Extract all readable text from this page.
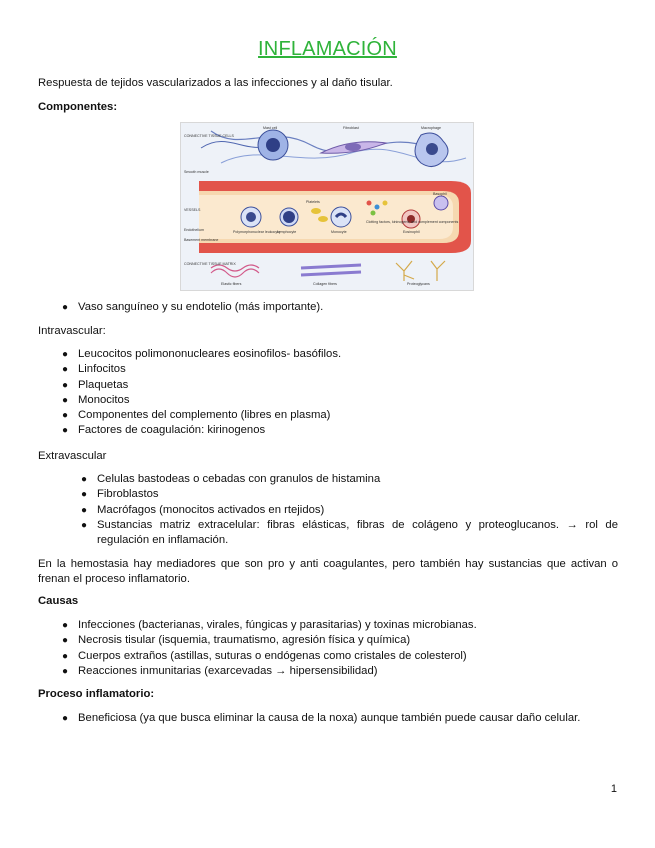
INFLAMACIÓN
Respuesta de tejidos vascularizados a las infecciones y al daño tisular.
Componentes:
CONNECTIVE TISSUE CELLS
Mast cell	Fibroblast	Macrophage
Smooth muscle
VESSELS
Platelets
Clotting factors, kininogens, and complement components
Basophil
Polymorphonuclear leukocyte
Lymphocyte	Monocyte	Eosinophil
Endothelium
Basement membrane
CONNECTIVE TISSUE MATRIX
Elastic fibers	Collagen fibers	Proteoglycans
● Vaso sanguíneo y su endotelio (más importante).
Intravascular:
● Leucocitos polimononucleares eosinofilos- basófilos.
● Linfocitos
● Plaquetas
● Monocitos
● Componentes del complemento (libres en plasma)
● Factores de coagulación: kirinogenos
Extravascular
● Celulas bastodeas o cebadas con granulos de histamina
● Fibroblastos
● Macrófagos (monocitos activados en rtejidos)
● Sustancias matriz extracelular: fibras elásticas, fibras de colágeno y proteoglucanos. → rol de regulación en inflamación.
En la hemostasia hay mediadores que son pro y anti coagulantes, pero también hay sustancias que activan o frenan el proceso inflamatorio.
Causas
● Infecciones (bacterianas, virales, fúngicas y parasitarias) y toxinas microbianas.
● Necrosis tisular (isquemia, traumatismo, agresión física y química)
● Cuerpos extraños (astillas, suturas o endógenas como cristales de colesterol)
● Reacciones inmunitarias (exarcevadas → hipersensibilidad)
Proceso inflamatorio:
● Beneficiosa (ya que busca eliminar la causa de la noxa) aunque también puede causar daño celular.
1
